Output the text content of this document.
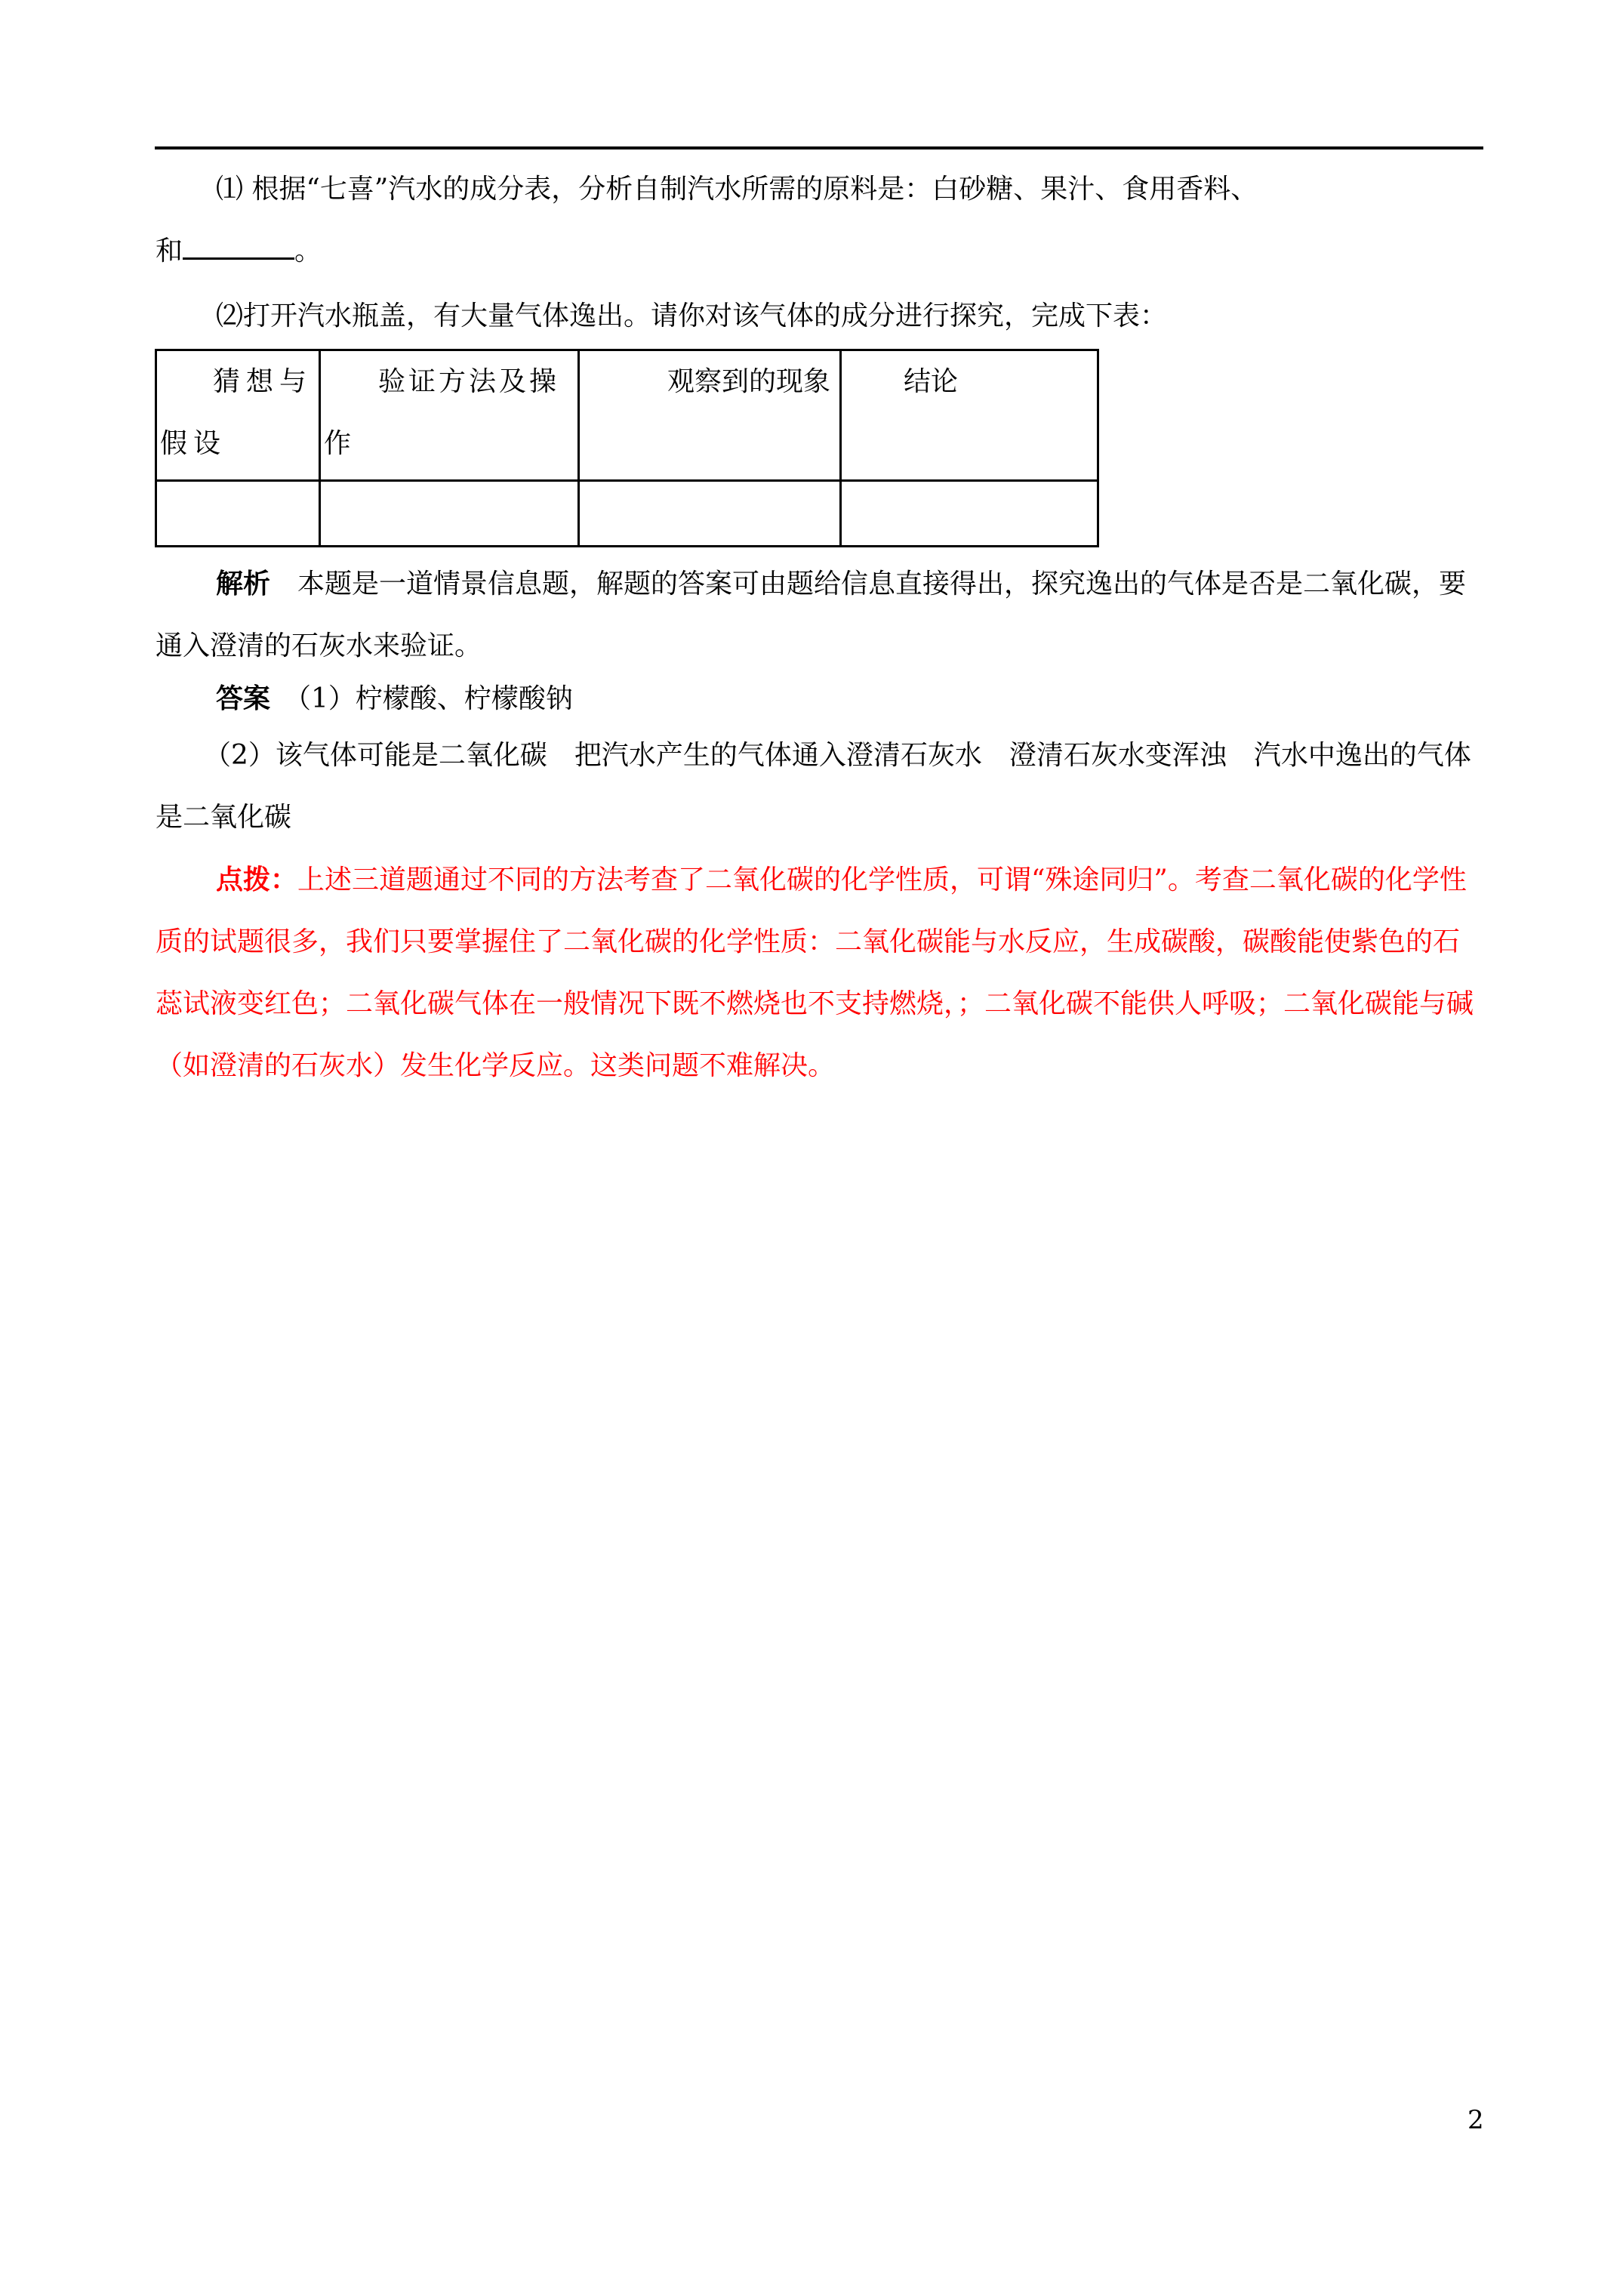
⑴ 根据“七喜”汽水的成分表，分析自制汽水所需的原料是：白砂糖、果汁、食用香料、
和	。

⑵打开汽水瓶盖，有大量气体逸出。请你对该气体的成分进行探究，完成下表：

猜想与假设	验证方法及操作	观察到的现象	结论

解析　 本题是一道情景信息题，解题的答案可由题给信息直接得出，探究逸出的气体是否是二氧化碳，要通入澄清的石灰水来验证。

答案　 （1）柠檬酸、柠檬酸钠

（2）该气体可能是二氧化碳　把汽水产生的气体通入澄清石灰水　澄清石灰水变浑浊　汽水中逸出的气体是二氧化碳

点拨：上述三道题通过不同的方法考查了二氧化碳的化学性质，可谓“殊途同归”。考查二氧化碳的化学性质的试题很多，我们只要掌握住了二氧化碳的化学性质：二氧化碳能与水反应，生成碳酸，碳酸能使紫色的石蕊试液变红色；二氧化碳气体在一般情况下既不燃烧也不支持燃烧，；二氧化碳不能供人呼吸；二氧化碳能与碱（如澄清的石灰水）发生化学反应。这类问题不难解决。

2
